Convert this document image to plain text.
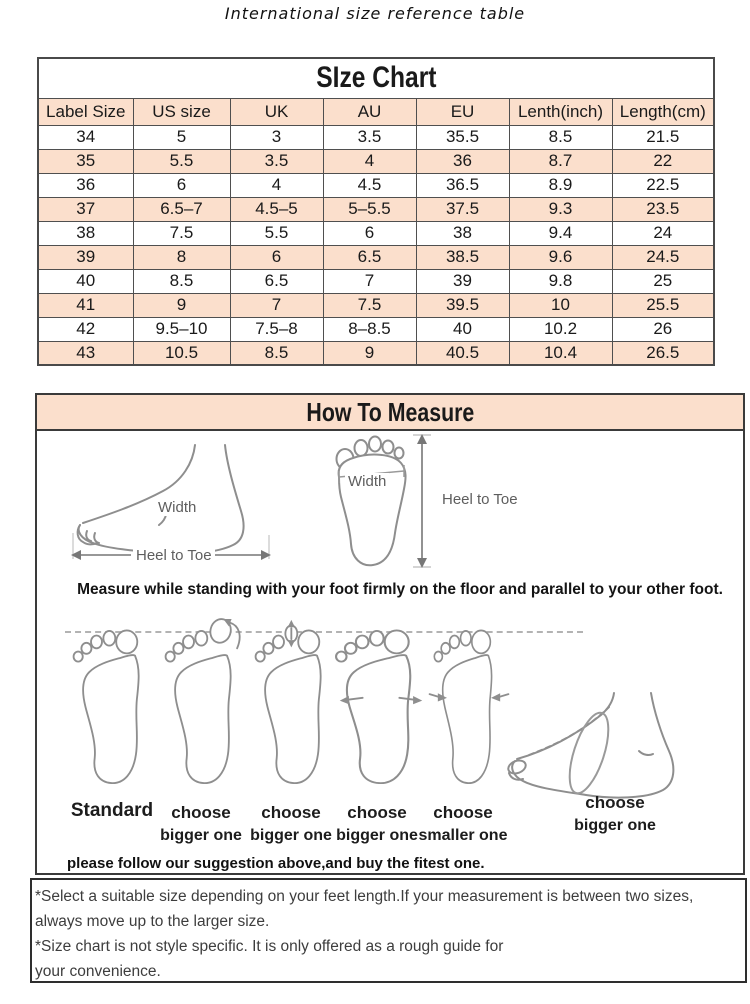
International size reference table
SIze Chart						
Label Size	US size	UK	AU	EU	Lenth(inch)	Length(cm)
34	5	3	3.5	35.5	8.5	21.5
35	5.5	3.5	4	36	8.7	22
36	6	4	4.5	36.5	8.9	22.5
37	6.5–7	4.5–5	5–5.5	37.5	9.3	23.5
38	7.5	5.5	6	38	9.4	24
39	8	6	6.5	38.5	9.6	24.5
40	8.5	6.5	7	39	9.8	25
41	9	7	7.5	39.5	10	25.5
42	9.5–10	7.5–8	8–8.5	40	10.2	26
43	10.5	8.5	9	40.5	10.4	26.5
How To Measure
Width
Heel to Toe
Width
Heel to Toe
Measure while standing with your foot firmly on the floor and parallel to your other foot.
Standard	choose
bigger one
choose
bigger one
choose
bigger one
choose
smaller one
choose
bigger one
please follow our suggestion above,and buy the fitest one.
*Select a suitable size depending on your feet length.If your measurement is between two sizes,
always move up to the larger size.
*Size chart is not style specific. It is only offered as a rough guide for
your convenience.
